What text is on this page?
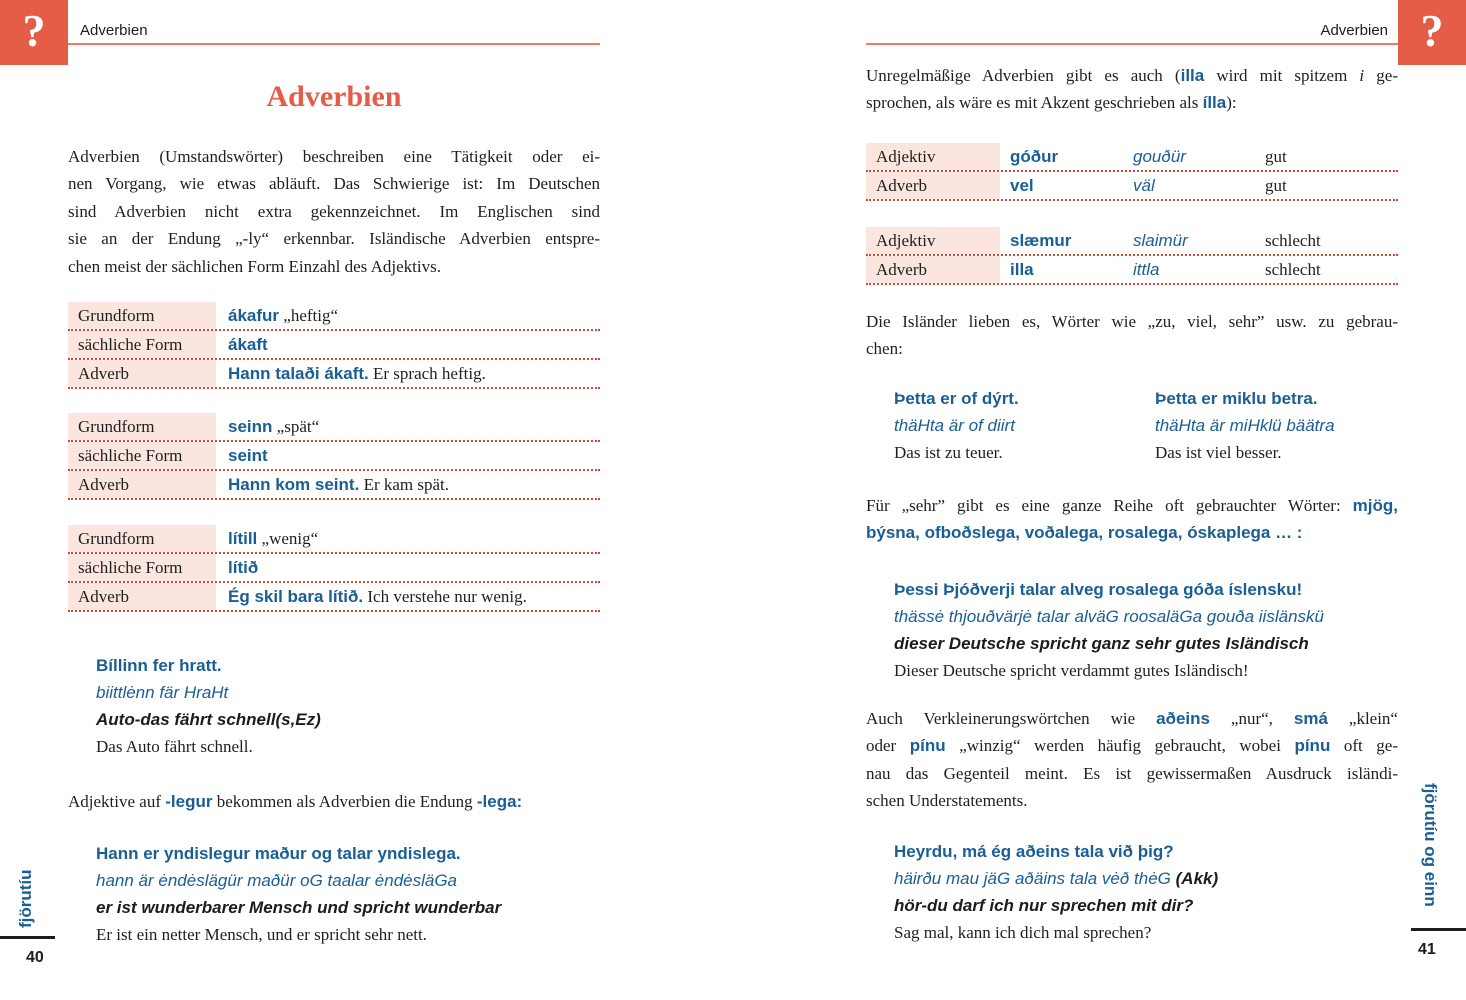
?	Adverbien
Adverbien
Adverbien (Umstandswörter) beschreiben eine Tätigkeit oder ei-
nen Vorgang, wie etwas abläuft. Das Schwierige ist: Im Deutschen
sind Adverbien nicht extra gekennzeichnet. Im Englischen sind
sie an der Endung „-ly“ erkennbar. Isländische Adverbien entspre-
chen meist der sächlichen Form Einzahl des Adjektivs.
Grundform	ákafur „heftig“
sächliche Form	ákaft
Adverb	Hann talaði ákaft. Er sprach heftig.
Grundform	seinn „spät“
sächliche Form	seint
Adverb	Hann kom seint. Er kam spät.
Grundform	lítill „wenig“
sächliche Form	lítið
Adverb	Ég skil bara lítið. Ich verstehe nur wenig.
Bíllinn fer hratt.
biittlėnn fär HraHt
Auto-das fährt schnell(s,Ez)
Das Auto fährt schnell.
Adjektive auf -legur bekommen als Adverbien die Endung -lega:
Hann er yndislegur maður og talar yndislega.
hann är ėndėslägür maðür oG taalar ėndėsläGa
er ist wunderbarer Mensch und spricht wunderbar
Er ist ein netter Mensch, und er spricht sehr nett.
fjörutíu
40
?
Adverbien
Unregelmäßige Adverbien gibt es auch (illa wird mit spitzem i ge-
sprochen, als wäre es mit Akzent geschrieben als ílla):
Adjektiv	góður	gouðür	gut
Adverb	vel	väl	gut
Adjektiv	slæmur	slaimür	schlecht
Adverb	illa	ittla	schlecht
Die Isländer lieben es, Wörter wie „zu, viel, sehr” usw. zu gebrau-
chen:
Þetta er of dýrt.
thäHta är of diirt
Das ist zu teuer.
Þetta er miklu betra.
thäHta är miHklü bäätra
Das ist viel besser.
Für „sehr” gibt es eine ganze Reihe oft gebrauchter Wörter: mjög,
býsna, ofboðslega, voðalega, rosalega, óskaplega … :
Þessi Þjóðverji talar alveg rosalega góða íslensku!
thässė thjouðvärjė talar alväG roosaläGa gouða iislänskü
dieser Deutsche spricht ganz sehr gutes Isländisch
Dieser Deutsche spricht verdammt gutes Isländisch!
Auch Verkleinerungswörtchen wie aðeins „nur“, smá „klein“
oder pínu „winzig“ werden häufig gebraucht, wobei pínu oft ge-
nau das Gegenteil meint. Es ist gewissermaßen Ausdruck isländi-
schen Understatements.
Heyrdu, má ég aðeins tala við þig?
häirðu mau jäG aðäins tala vėð thėG (Akk)
hör-du darf ich nur sprechen mit dir?
Sag mal, kann ich dich mal sprechen?
fjörutíu og einn
41
